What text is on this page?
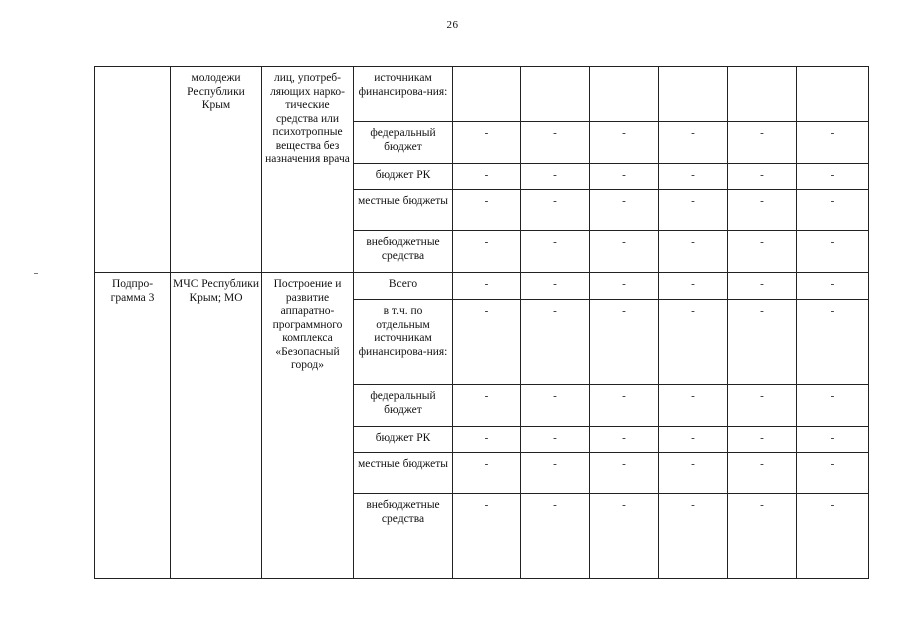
26
	молодежи Республики Крым	лиц, употреб-ляющих нарко-тические средства или психотропные вещества без назначения врача	источникам финансирова-ния:						
			федеральный бюджет	-	-	-	-	-	-
			бюджет РК	-	-	-	-	-	-
			местные бюджеты	-	-	-	-	-	-
			внебюджетные средства	-	-	-	-	-	-
Подпро-грамма 3	МЧС Республики Крым; МО	Построение и развитие аппаратно-программного комплекса «Безопасный город»	Всего	-	-	-	-	-	-
			в т.ч. по отдельным источникам финансирова-ния:	-	-	-	-	-	-
			федеральный бюджет	-	-	-	-	-	-
			бюджет РК	-	-	-	-	-	-
			местные бюджеты	-	-	-	-	-	-
			внебюджетные средства	-	-	-	-	-	-
